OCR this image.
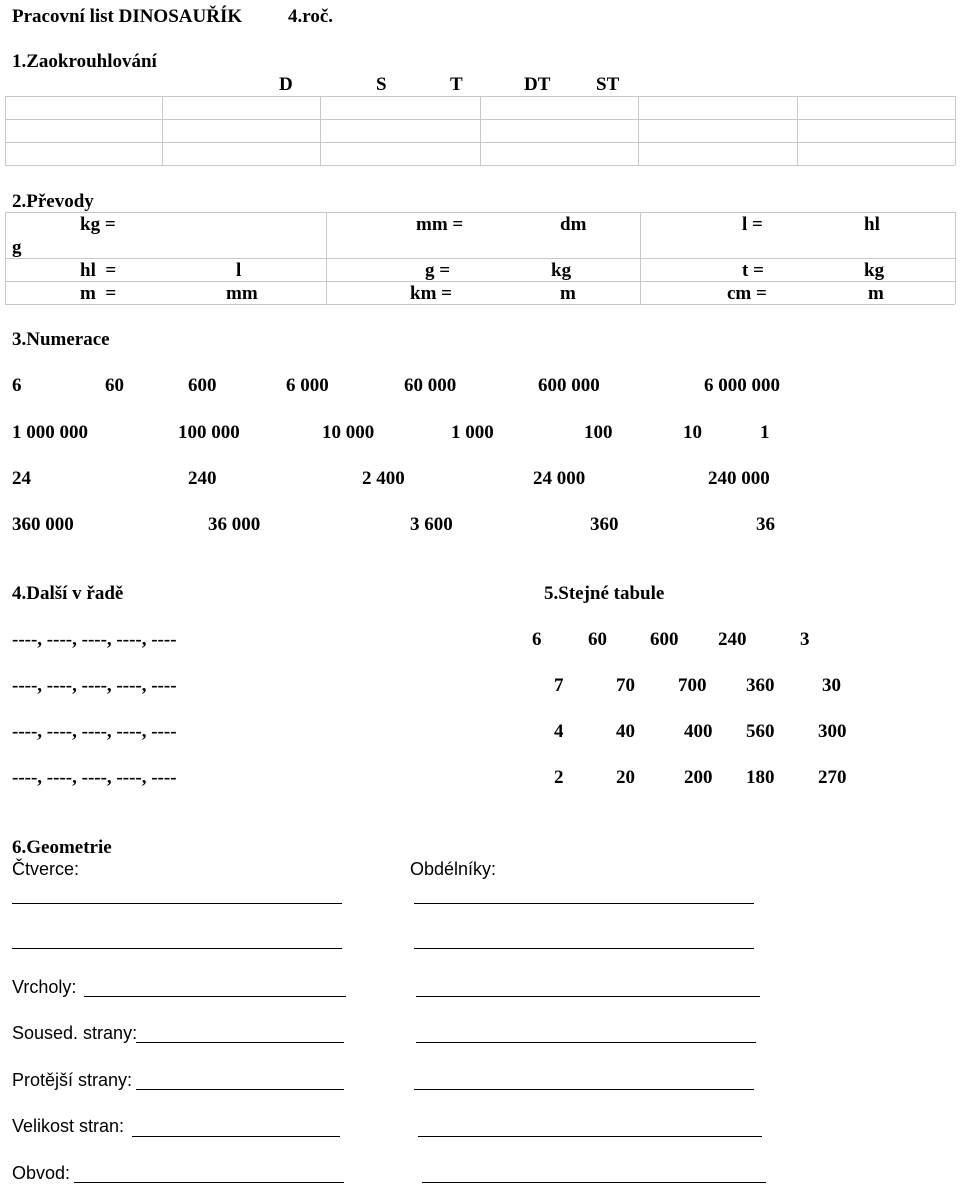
Pracovní list DINOSAUŘÍK 4.roč.
1.Zaokrouhlování
D	S	T	DT ST
2.Převody
kg =	mm =	dm	l =	hl
g
hl  =	l	g =	kg	t =	kg
m  =	mm	km =	m	cm =	m
3.Numerace
6	60	600	6 000	60 000	600 000	6 000 000
1 000 000	100 000	10 000	1 000	100	10	1
24	240	2 400	24 000	240 000
360 000	36 000	3 600	360	36
4.Další v řadě
----, ----, ----, ----, ----
----, ----, ----, ----, ----
----, ----, ----, ----, ----
----, ----, ----, ----, ----
5.Stejné tabule
6 60 600 240	3
7	70 700 360	30
4	40	400 560 300
2	20	200 180 270
6.Geometrie
Čtverce:	Obdélníky:
Vrcholy:
Soused. strany:
Protější strany:
Velikost stran:
Obvod:
